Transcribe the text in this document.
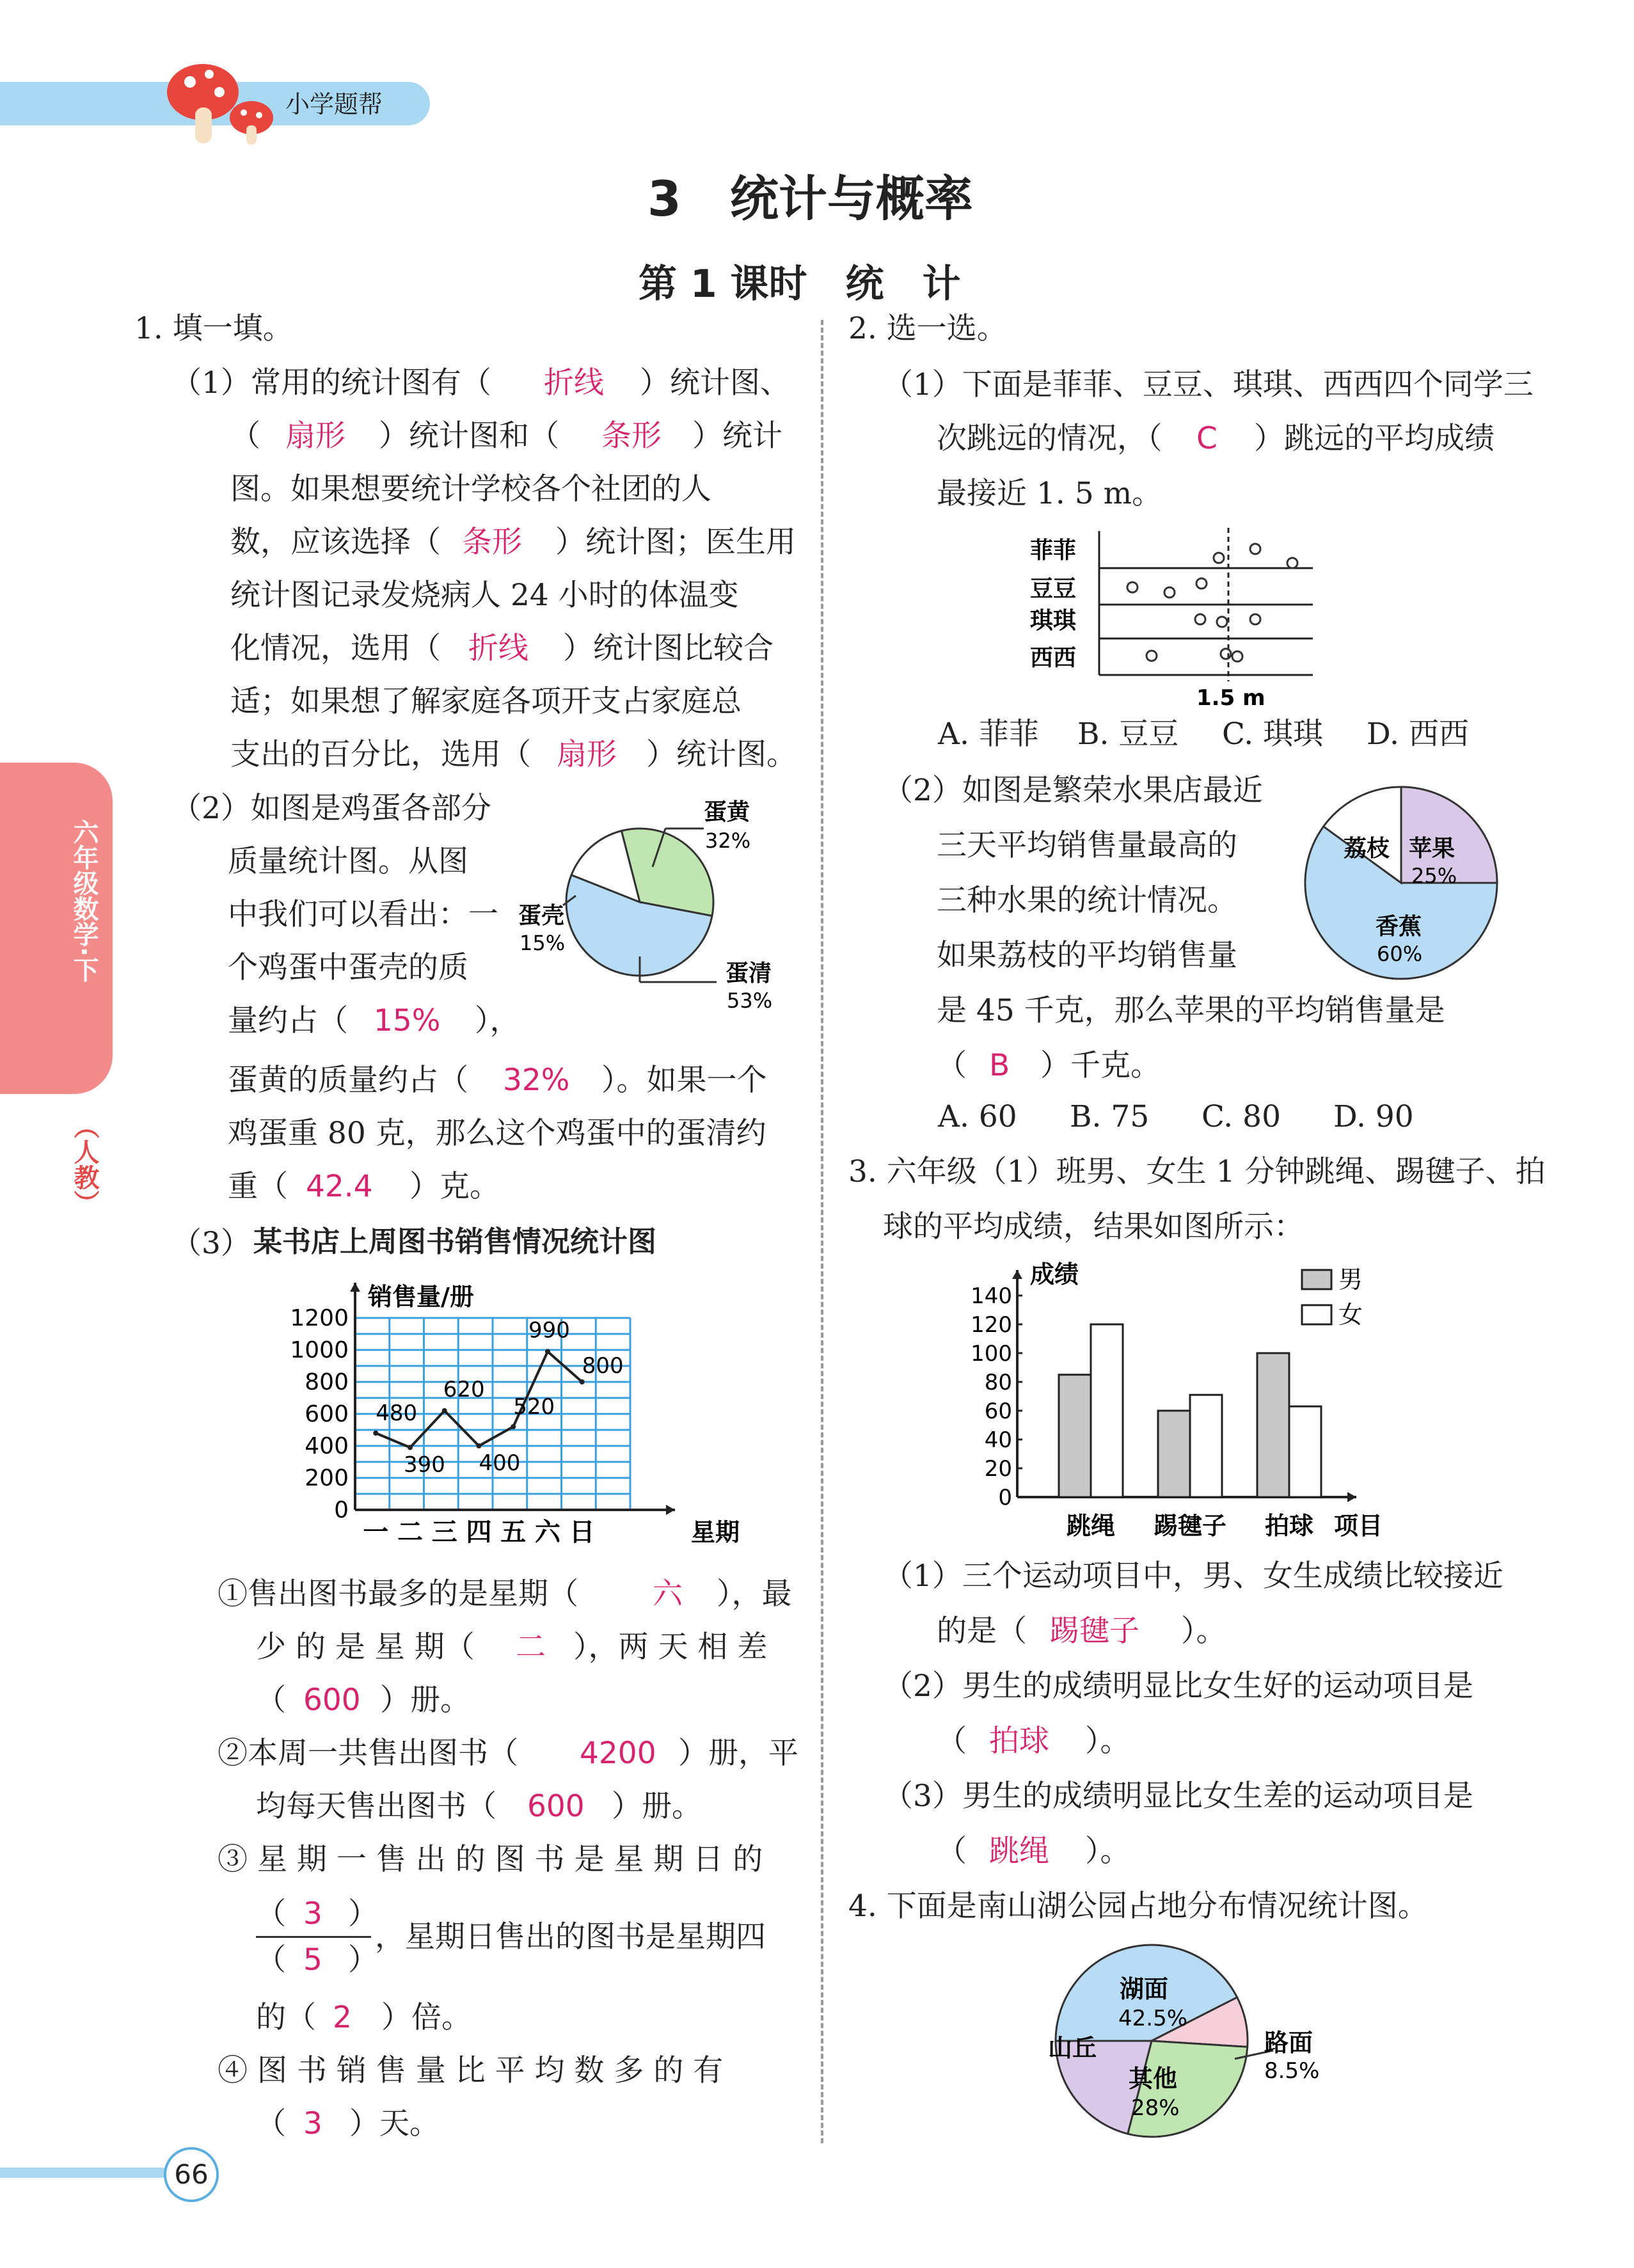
小学题帮
六年级数学·下
（人教）
66
3　统计与概率
第 1 课时　统　计
1. 填一填。
（1）常用的统计图有（ 折线 ）统计图、
（ 扇形 ）统计图和（ 条形 ）统计
图。如果想要统计学校各个社团的人
数，应该选择（ 条形 ）统计图；医生用
统计图记录发烧病人 24 小时的体温变
化情况，选用（ 折线 ）统计图比较合
适；如果想了解家庭各项开支占家庭总
支出的百分比，选用（ 扇形 ）统计图。
（2）如图是鸡蛋各部分
质量统计图。从图
中我们可以看出：一
个鸡蛋中蛋壳的质
量约占（ 15% ），
蛋黄的质量约占（ 32% ）。如果一个
鸡蛋重 80 克，那么这个鸡蛋中的蛋清约
重（ 42.4 ）克。
蛋黄
32%
蛋壳
15%
蛋清
53%
（3） 某书店上周图书销售情况统计图
0
200
400
600
800
1000
1200
销售量/册
星期
一 二 三 四 五 六 日
480
390
620
400
520
990
800
①售出图书最多的是星期（ 六 ），最
少 的 是 星 期（ 二 ），两 天 相 差
（ 600 ）册。
②本周一共售出图书（ 4200 ）册，平
均每天售出图书（ 600 ）册。
③ 星 期 一 售 出 的 图 书 是 星 期 日 的
（ 3 ）
（ 5 ）
，星期日售出的图书是星期四
的（ 2 ）倍。
④ 图 书 销 售 量 比 平 均 数 多 的 有
（ 3 ）天。
2. 选一选。
（1）下面是菲菲、豆豆、琪琪、西西四个同学三
次跳远的情况，（ C ）跳远的平均成绩
最接近 1. 5 m。
菲菲
豆豆
琪琪
西西
1.5 m
A. 菲菲 B. 豆豆 C. 琪琪 D. 西西
（2）如图是繁荣水果店最近
三天平均销售量最高的
三种水果的统计情况。
如果荔枝的平均销售量
是 45 千克，那么苹果的平均销售量是
（ B ）千克。
荔枝 苹果
25%
香蕉
60%
A. 60 B. 75 C. 80 D. 90
3. 六年级（1）班男、女生 1 分钟跳绳、踢毽子、拍
球的平均成绩，结果如图所示：
0
20
40
60
80
100
120
140
成绩
项目
跳绳 踢毽子 拍球
男
女
（1）三个运动项目中，男、女生成绩比较接近
的是（ 踢毽子 ）。
（2）男生的成绩明显比女生好的运动项目是
（ 拍球 ）。
（3）男生的成绩明显比女生差的运动项目是
（ 跳绳 ）。
4. 下面是南山湖公园占地分布情况统计图。
湖面
42.5%
路面
8.5%
其他
28%
山丘
